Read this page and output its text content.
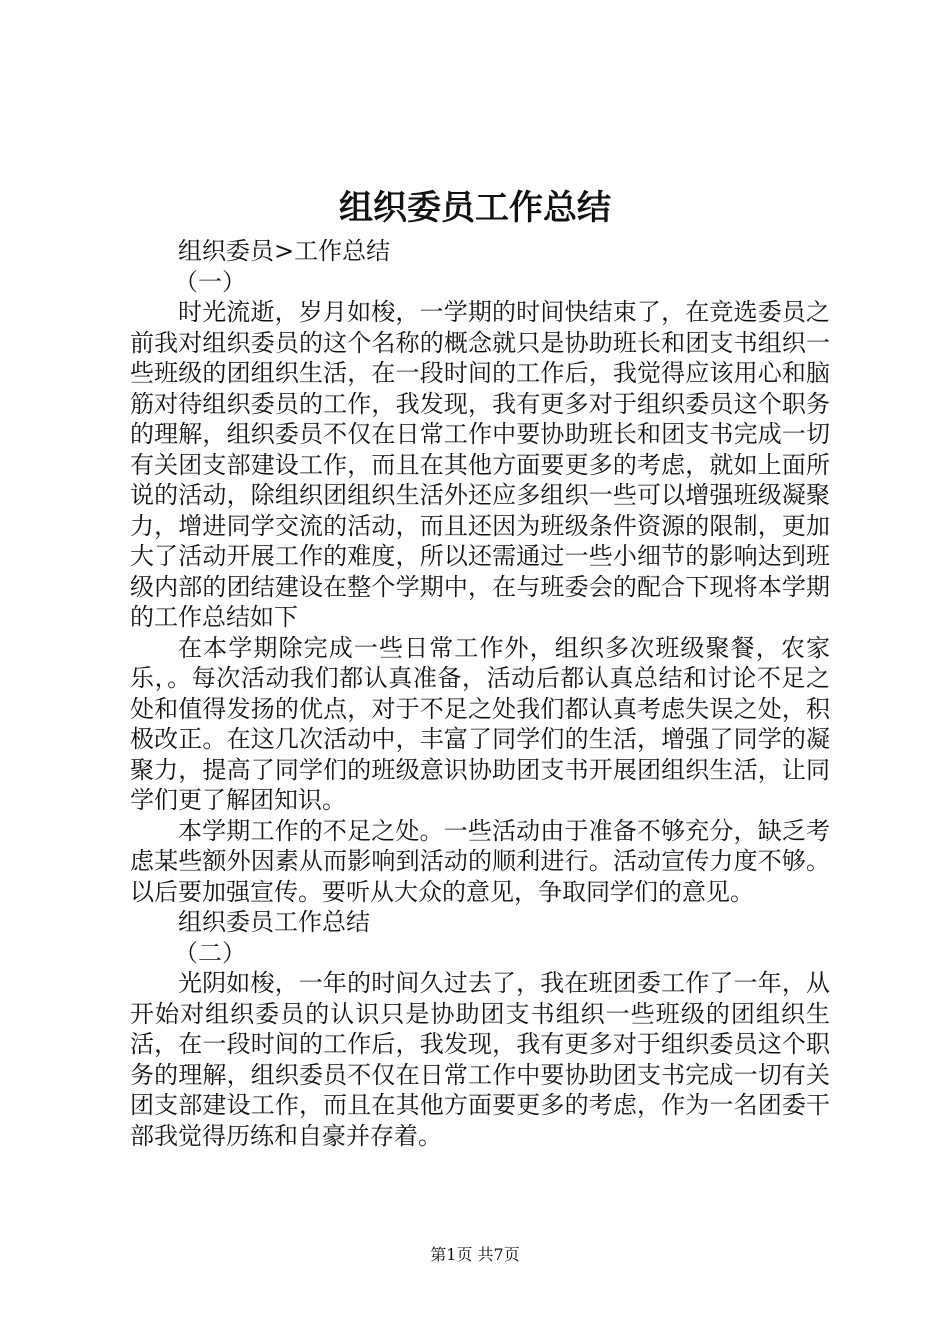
组织委员工作总结

组织委员>工作总结

（一）

时光流逝，岁月如梭，一学期的时间快结束了，在竞选委员之前我对组织委员的这个名称的概念就只是协助班长和团支书组织一些班级的团组织生活，在一段时间的工作后，我觉得应该用心和脑筋对待组织委员的工作，我发现，我有更多对于组织委员这个职务的理解，组织委员不仅在日常工作中要协助班长和团支书完成一切有关团支部建设工作，而且在其他方面要更多的考虑，就如上面所说的活动，除组织团组织生活外还应多组织一些可以增强班级凝聚力，增进同学交流的活动，而且还因为班级条件资源的限制，更加大了活动开展工作的难度，所以还需通过一些小细节的影响达到班级内部的团结建设在整个学期中，在与班委会的配合下现将本学期的工作总结如下

在本学期除完成一些日常工作外，组织多次班级聚餐，农家乐，。每次活动我们都认真准备，活动后都认真总结和讨论不足之处和值得发扬的优点，对于不足之处我们都认真考虑失误之处，积极改正。在这几次活动中，丰富了同学们的生活，增强了同学的凝聚力，提高了同学们的班级意识协助团支书开展团组织生活，让同学们更了解团知识。

本学期工作的不足之处。一些活动由于准备不够充分，缺乏考虑某些额外因素从而影响到活动的顺利进行。活动宣传力度不够。以后要加强宣传。要听从大众的意见，争取同学们的意见。

组织委员工作总结

（二）

光阴如梭，一年的时间久过去了，我在班团委工作了一年，从开始对组织委员的认识只是协助团支书组织一些班级的团组织生活，在一段时间的工作后，我发现，我有更多对于组织委员这个职务的理解，组织委员不仅在日常工作中要协助团支书完成一切有关团支部建设工作，而且在其他方面要更多的考虑，作为一名团委干部我觉得历练和自豪并存着。

第1页 共7页
